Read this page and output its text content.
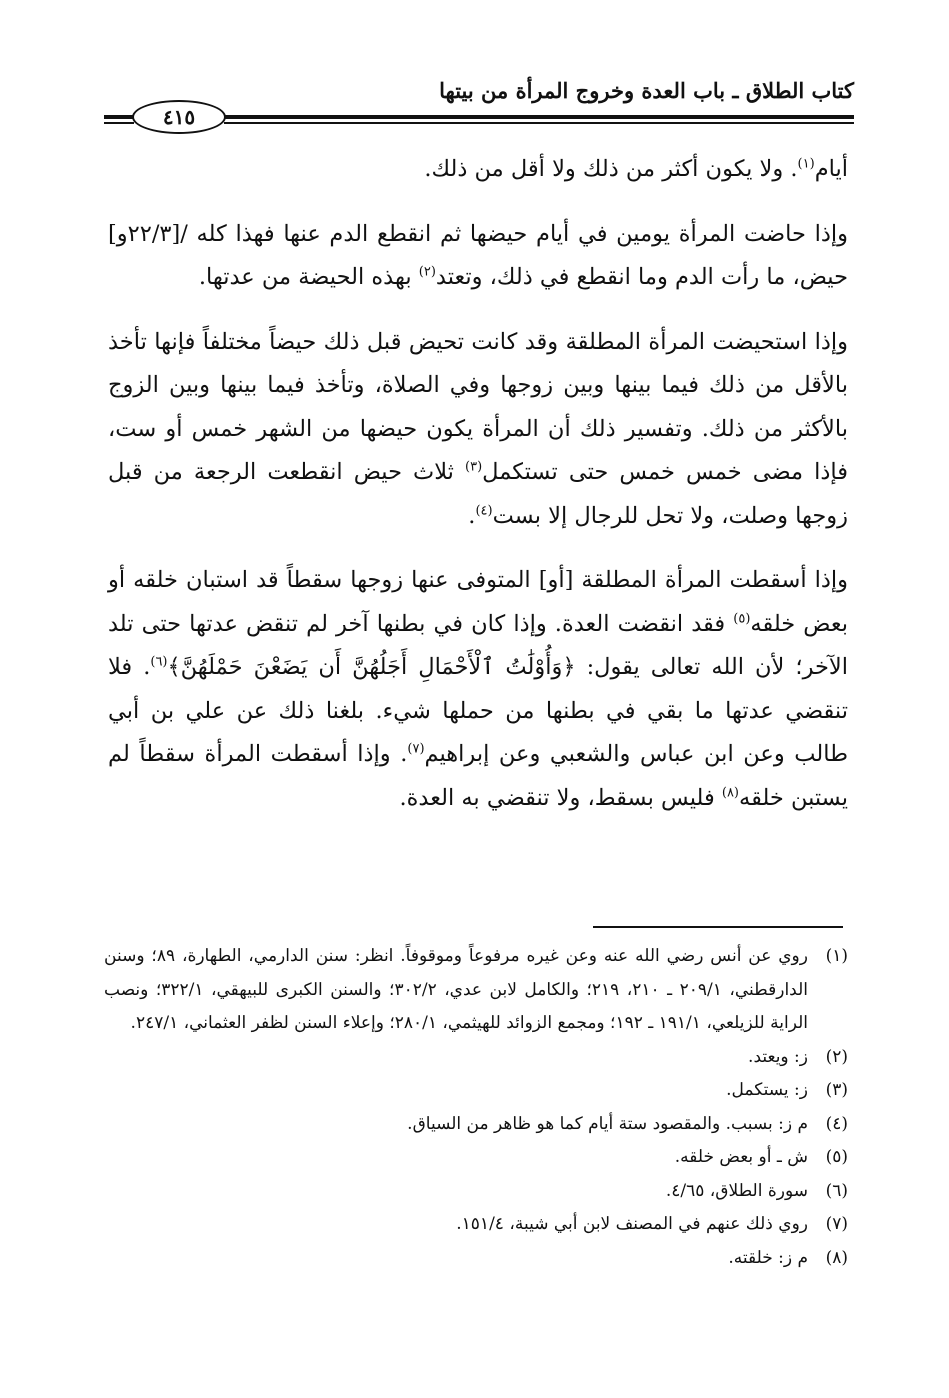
كتاب الطلاق ـ باب العدة وخروج المرأة من بيتها
٤١٥

أيام$^{(١)}$. ولا يكون أكثر من ذلك ولا أقل من ذلك.

وإذا حاضت المرأة يومين في أيام حيضها ثم انقطع الدم عنها فهذا كله /[٢٢/٣و] حيض، ما رأت الدم وما انقطع في ذلك، وتعتد$^{(٢)}$ بهذه الحيضة من عدتها.

وإذا استحيضت المرأة المطلقة وقد كانت تحيض قبل ذلك حيضاً مختلفاً فإنها تأخذ بالأقل من ذلك فيما بينها وبين زوجها وفي الصلاة، وتأخذ فيما بينها وبين الزوج بالأكثر من ذلك. وتفسير ذلك أن المرأة يكون حيضها من الشهر خمس أو ست، فإذا مضى خمس خمس حتى تستكمل$^{(٣)}$ ثلاث حيض انقطعت الرجعة من قبل زوجها وصلت، ولا تحل للرجال إلا بست$^{(٤)}$.

وإذا أسقطت المرأة المطلقة [أو] المتوفى عنها زوجها سقطاً قد استبان خلقه أو بعض خلقه$^{(٥)}$ فقد انقضت العدة. وإذا كان في بطنها آخر لم تنقض عدتها حتى تلد الآخر؛ لأن الله تعالى يقول: ﴿وَأُوْلَٰتُ ٱلْأَحْمَالِ أَجَلُهُنَّ أَن يَضَعْنَ حَمْلَهُنَّ﴾$^{(٦)}$. فلا تنقضي عدتها ما بقي في بطنها من حملها شيء. بلغنا ذلك عن علي بن أبي طالب وعن ابن عباس والشعبي وعن إبراهيم$^{(٧)}$. وإذا أسقطت المرأة سقطاً لم يستبن خلقه$^{(٨)}$ فليس بسقط، ولا تنقضي به العدة.

(١)
روي عن أنس رضي الله عنه وعن غيره مرفوعاً وموقوفاً. انظر: سنن الدارمي، الطهارة، ٨٩؛ وسنن الدارقطني، ٢٠٩/١ ـ ٢١٠، ٢١٩؛ والكامل لابن عدي، ٣٠٢/٢؛ والسنن الكبرى للبيهقي، ٣٢٢/١؛ ونصب الراية للزيلعي، ١٩١/١ ـ ١٩٢؛ ومجمع الزوائد للهيثمي، ٢٨٠/١؛ وإعلاء السنن لظفر العثماني، ٢٤٧/١.
(٢)
ز: ويعتد.
(٣)
ز: يستكمل.
(٤)
م ز: بسبب. والمقصود ستة أيام كما هو ظاهر من السياق.
(٥)
ش ـ أو بعض خلقه.
(٦)
سورة الطلاق، ٤/٦٥.
(٧)
روي ذلك عنهم في المصنف لابن أبي شيبة، ١٥١/٤.
(٨)
م ز: خلقته.
